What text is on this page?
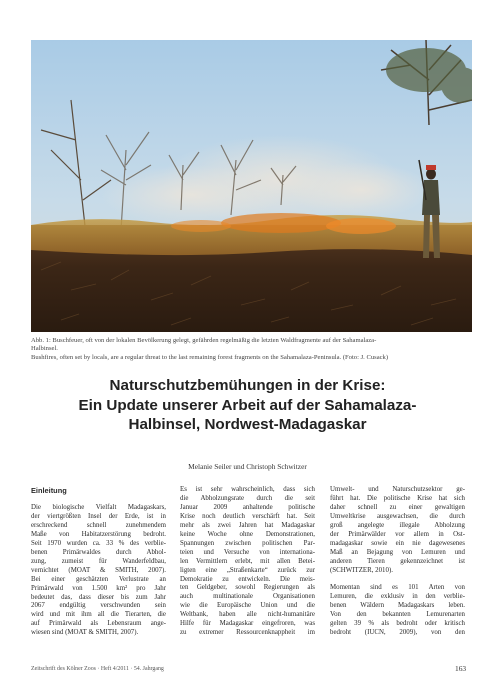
Abb. 1: Buschfeuer, oft von der lokalen Bevölkerung gelegt, gefährden regelmäßig die letzten Waldfragmente auf der Sahamalaza-
Halbinsel.
Bushfires, often set by locals, are a regular threat to the last remaining forest fragments on the Sahamalaza-Peninsula. (Foto: J. Cusack)
Naturschutzbemühungen in der Krise:
Ein Update unserer Arbeit auf der Sahamalaza-
Halbinsel, Nordwest-Madagaskar
Melanie Seiler und Christoph Schwitzer
Einleitung
Die biologische Vielfalt Madagaskars,
der viertgrößten Insel der Erde, ist in
erschreckend schnell zunehmendem
Maße von Habitatzerstörung bedroht.
Seit 1970 wurden ca. 33 % des verblie-
benen Primärwaldes durch Abhol-
zung, zumeist für Wanderfeldbau,
vernichtet (MOAT & SMITH, 2007).
Bei einer geschätzten Verlustrate an
Primärwald von 1.500 km² pro Jahr
bedeutet das, dass dieser bis zum Jahr
2067 endgültig verschwunden sein
wird und mit ihm all die Tierarten, die
auf Primärwald als Lebensraum ange-
wiesen sind (MOAT & SMITH, 2007).
Es ist sehr wahrscheinlich, dass sich
die Abholzungsrate durch die seit
Januar 2009 anhaltende politische
Krise noch deutlich verschärft hat. Seit
mehr als zwei Jahren hat Madagaskar
keine Woche ohne Demonstrationen,
Spannungen zwischen politischen Par-
teien und Versuche von internationa-
len Vermittlern erlebt, mit allen Betei-
ligten eine „Straßenkarte“ zurück zur
Demokratie zu entwickeln. Die meis-
ten Geldgeber, sowohl Regierungen als
auch multinationale Organisationen
wie die Europäische Union und die
Weltbank, haben alle nicht-humanitäre
Hilfe für Madagaskar eingefroren, was
zu extremer Ressourcenknappheit im
Umwelt- und Naturschutzsektor ge-
führt hat. Die politische Krise hat sich
daher schnell zu einer gewaltigen
Umweltkrise ausgewachsen, die durch
groß angelegte illegale Abholzung
der Primärwälder vor allem in Ost-
madagaskar sowie ein nie dagewesenes
Maß an Bejagung von Lemuren und
anderen Tieren gekennzeichnet ist
(SCHWITZER, 2010).
Momentan sind es 101 Arten von
Lemuren, die exklusiv in den verblie-
benen Wäldern Madagaskars leben.
Von den bekannten Lemurenarten
gelten 39 % als bedroht oder kritisch
bedroht (IUCN, 2009), von den
Zeitschrift des Kölner Zoos · Heft 4/2011 · 54. Jahrgang	163
